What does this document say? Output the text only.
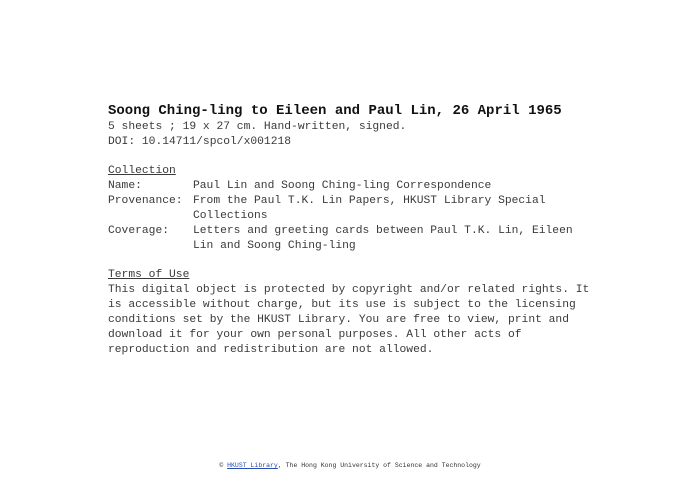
Soong Ching-ling to Eileen and Paul Lin, 26 April 1965

5 sheets ; 19 x 27 cm. Hand-written, signed.

DOI: 10.14711/spcol/x001218

Collection

Name:	Paul Lin and Soong Ching-ling Correspondence
Provenance: From the Paul T.K. Lin Papers, HKUST Library Special Collections
Coverage:	Letters and greeting cards between Paul T.K. Lin, Eileen Lin and Soong Ching-ling

Terms of Use

This digital object is protected by copyright and/or related rights. It is accessible without charge, but its use is subject to the licensing conditions set by the HKUST Library. You are free to view, print and download it for your own personal purposes. All other acts of reproduction and redistribution are not allowed.

© HKUST Library, The Hong Kong University of Science and Technology
